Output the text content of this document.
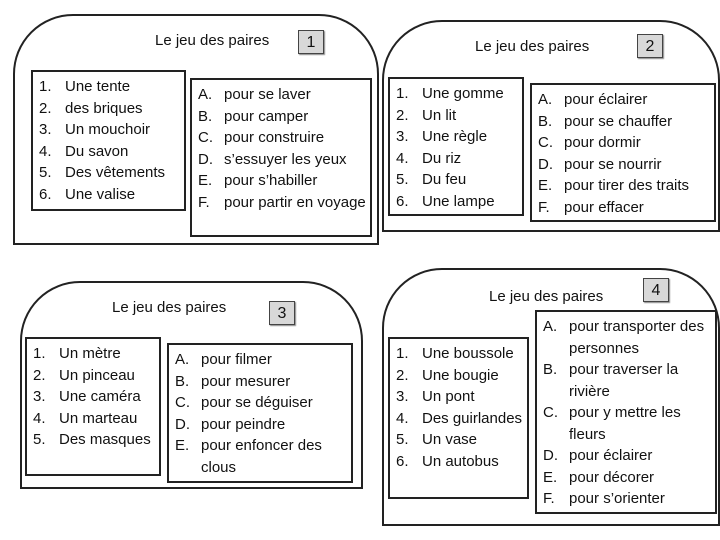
Le jeu des paires	1
1. Une tente
2. des briques
3. Un mouchoir
4. Du savon
5. Des vêtements
6. Une valise
A. pour se laver
B. pour camper
C. pour construire
D. s’essuyer les yeux
E. pour s’habiller
F. pour partir en voyage
Le jeu des paires	2
1. Une gomme
2. Un lit
3. Une règle
4. Du riz
5. Du feu
6. Une lampe
A. pour éclairer
B. pour se chauffer
C. pour dormir
D. pour se nourrir
E. pour tirer des traits
F. pour effacer
Le jeu des paires	3
1. Un mètre
2. Un pinceau
3. Une caméra
4. Un marteau
5. Des masques
A. pour filmer
B. pour mesurer
C. pour se déguiser
D. pour peindre
E. pour enfoncer des clous
Le jeu des paires	4
1. Une boussole
2. Une bougie
3. Un pont
4. Des guirlandes
5. Un vase
6. Un autobus
A. pour transporter des personnes
B. pour traverser la rivière
C. pour y mettre les fleurs
D. pour éclairer
E. pour décorer
F. pour s’orienter
